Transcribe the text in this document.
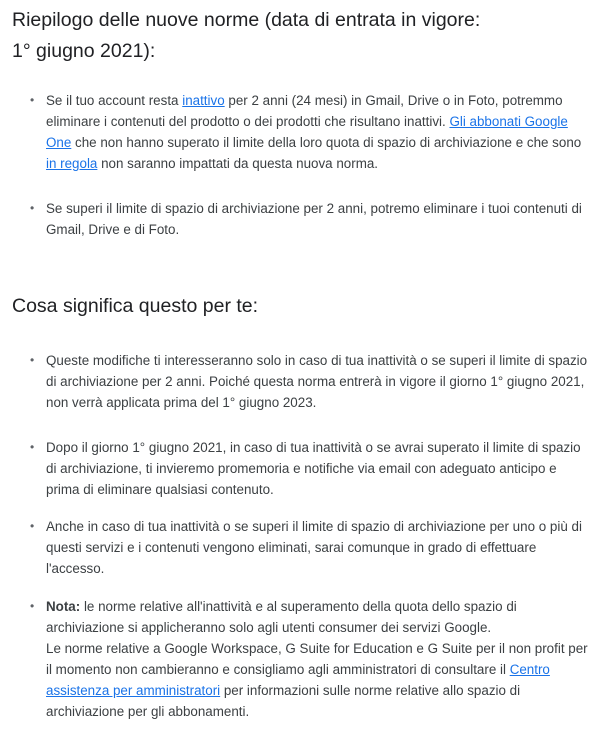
Riepilogo delle nuove norme (data di entrata in vigore:
1° giugno 2021):
• Se il tuo account resta inattivo per 2 anni (24 mesi) in Gmail, Drive o in Foto, potremmo eliminare i contenuti del prodotto o dei prodotti che risultano inattivi. Gli abbonati Google One che non hanno superato il limite della loro quota di spazio di archiviazione e che sono in regola non saranno impattati da questa nuova norma.
• Se superi il limite di spazio di archiviazione per 2 anni, potremo eliminare i tuoi contenuti di Gmail, Drive e di Foto.
Cosa significa questo per te:
• Queste modifiche ti interesseranno solo in caso di tua inattività o se superi il limite di spazio di archiviazione per 2 anni. Poiché questa norma entrerà in vigore il giorno 1° giugno 2021, non verrà applicata prima del 1° giugno 2023.
• Dopo il giorno 1° giugno 2021, in caso di tua inattività o se avrai superato il limite di spazio di archiviazione, ti invieremo promemoria e notifiche via email con adeguato anticipo e prima di eliminare qualsiasi contenuto.
• Anche in caso di tua inattività o se superi il limite di spazio di archiviazione per uno o più di questi servizi e i contenuti vengono eliminati, sarai comunque in grado di effettuare l'accesso.
• Nota: le norme relative all'inattività e al superamento della quota dello spazio di archiviazione si applicheranno solo agli utenti consumer dei servizi Google.
Le norme relative a Google Workspace, G Suite for Education e G Suite per il non profit per il momento non cambieranno e consigliamo agli amministratori di consultare il Centro assistenza per amministratori per informazioni sulle norme relative allo spazio di archiviazione per gli abbonamenti.
